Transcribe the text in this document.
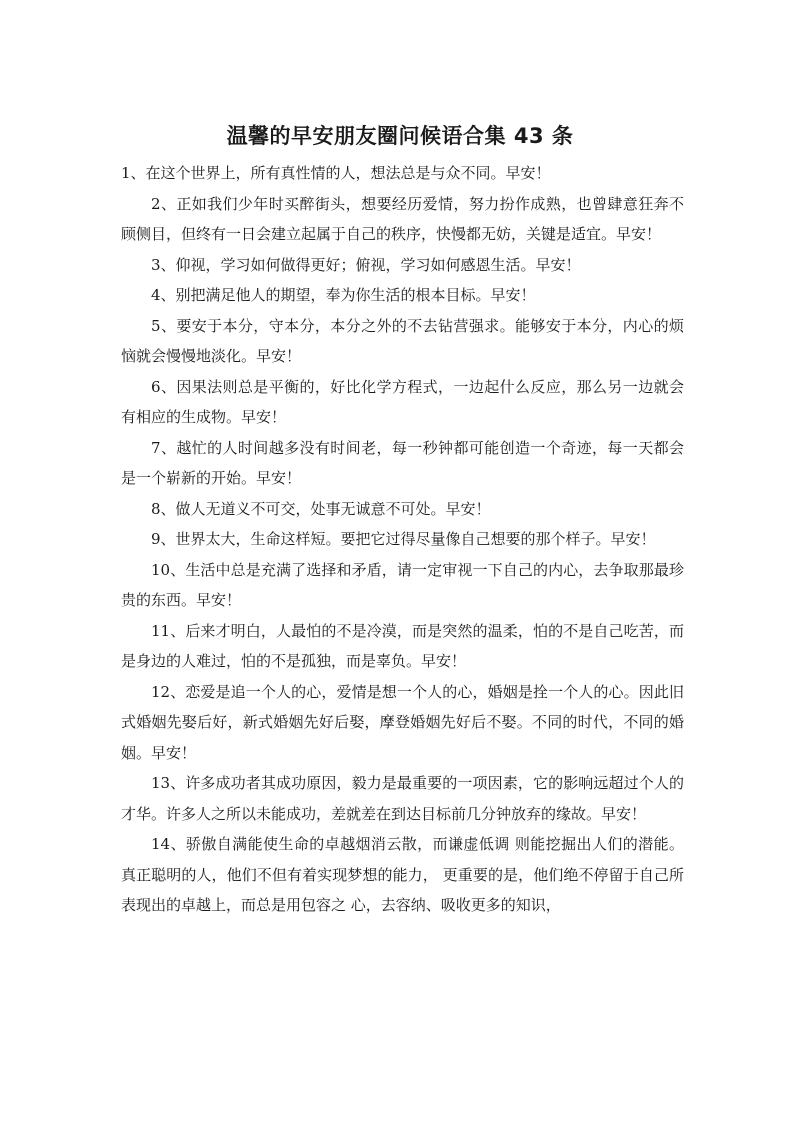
温馨的早安朋友圈问候语合集 43 条

1、在这个世界上，所有真性情的人，想法总是与众不同。早安！

2、正如我们少年时买醉街头，想要经历爱情，努力扮作成熟，也曾肆意狂奔不顾侧目，但终有一日会建立起属于自己的秩序，快慢都无妨，关键是适宜。早安！

3、仰视，学习如何做得更好；俯视，学习如何感恩生活。早安！

4、别把满足他人的期望，奉为你生活的根本目标。早安！

5、要安于本分，守本分，本分之外的不去钻营强求。能够安于本分，内心的烦恼就会慢慢地淡化。早安！

6、因果法则总是平衡的，好比化学方程式，一边起什么反应，那么另一边就会有相应的生成物。早安！

7、越忙的人时间越多没有时间老，每一秒钟都可能创造一个奇迹，每一天都会是一个崭新的开始。早安！

8、做人无道义不可交，处事无诚意不可处。早安！

9、世界太大，生命这样短。要把它过得尽量像自己想要的那个样子。早安！

10、生活中总是充满了选择和矛盾，请一定审视一下自己的内心，去争取那最珍贵的东西。早安！

11、后来才明白，人最怕的不是冷漠，而是突然的温柔，怕的不是自己吃苦，而是身边的人难过，怕的不是孤独，而是辜负。早安！

12、恋爱是追一个人的心，爱情是想一个人的心，婚姻是拴一个人的心。因此旧式婚姻先娶后好，新式婚姻先好后娶，摩登婚姻先好后不娶。不同的时代，不同的婚姻。早安！

13、许多成功者其成功原因，毅力是最重要的一项因素，它的影响远超过个人的才华。许多人之所以未能成功，差就差在到达目标前几分钟放弃的缘故。早安！

14、骄傲自满能使生命的卓越烟消云散，而谦虚低调 则能挖掘出人们的潜能。真正聪明的人，他们不但有着实现梦想的能力， 更重要的是，他们绝不停留于自己所表现出的卓越上，而总是用包容之 心，去容纳、吸收更多的知识，
